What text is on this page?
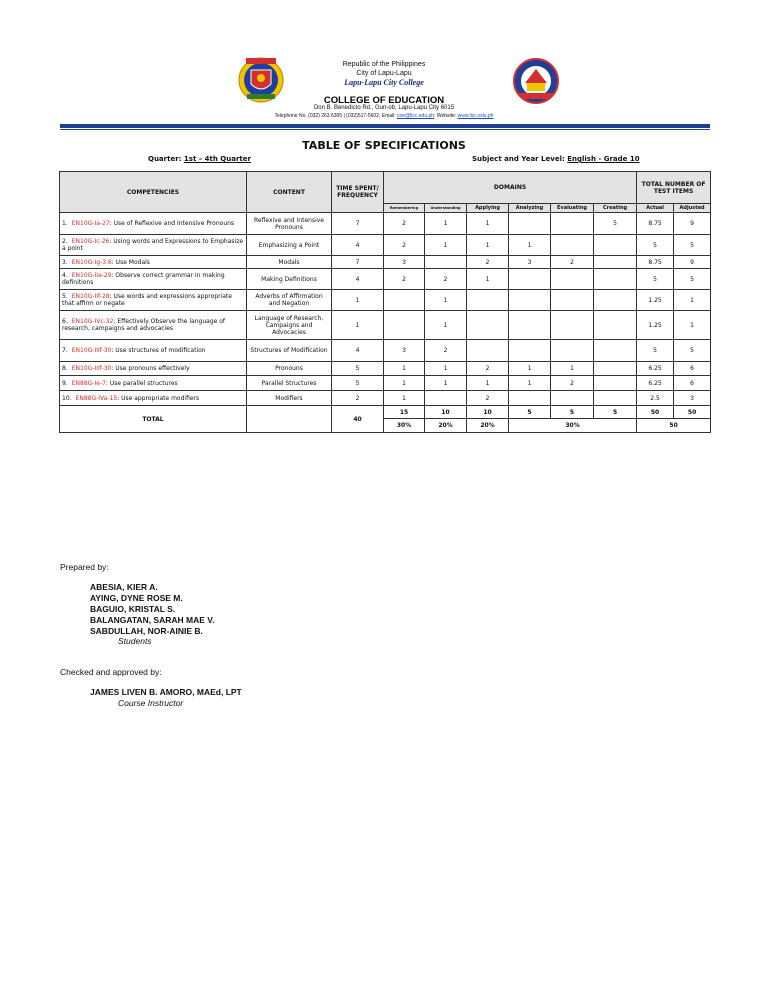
Republic of the Philippines
City of Lapu-Lapu
Lapu-Lapu City College
COLLEGE OF EDUCATION
Don B. Benedicto Rd., Gun-ob, Lapu-Lapu City 6015
Telephone No. (032) 263 6305 | (032)517-5602; Email: coe@llcc.edu.ph; Website: www.llcc.edu.ph
TABLE OF SPECIFICATIONS
Quarter: 1st – 4th Quarter	Subject and Year Level: English - Grade 10
COMPETENCIES	CONTENT	TIME SPENT/ FREQUENCY	DOMAINS						TOTAL NUMBER OF TEST ITEMS	
			Remembering	Understanding	Applying	Analyzing	Evaluating	Creating	Actual	Adjusted
1. EN10G-Ia-27: Use of Reflexive and Intensive Pronouns	Reflexive and Intensive Pronouns	7	2	1	1			5	8.75	9
2. EN10G-Ic-26: Using words and Expressions to Emphasize a point	Emphasizing a Point	4	2	1	1	1			5	5
3. EN10G-Ig-3.6: Use Modals	Modals	7	3		2	3	2		8.75	9
4. EN10G-IIa-29: Observe correct grammar in making definitions	Making Definitions	4	2	2	1				5	5
5. EN10G-IIf-28: Use words and expressions appropriate that affirm or negate	Adverbs of Affirmation and Negation	1		1					1.25	1
6. EN10G-IVc-32: Effectively Observe the language of research, campaigns and advocacies	Language of Research, Campaigns and Advocacies	1		1					1.25	1
7. EN10G-IIIf-30: Use structures of modification	Structures of Modification	4	3	2					5	5
8. EN10G-IIIf-30: Use pronouns effectively	Pronouns	5	1	1	2	1	1		6.25	6
9. EN88G-Ie-7: Use parallel structures	Parallel Structures	5	1	1	1	1	2		6.25	6
10. EN88G-IVa-15: Use appropriate modifiers	Modifiers	2	1		2				2.5	3
TOTAL		40	15	10	10	5	5	5	50	50
			30%	20%	20%	30%			50	
Prepared by:
ABESIA, KIER A.
AYING, DYNE ROSE M.
BAGUIO, KRISTAL S.
BALANGATAN, SARAH MAE V.
SABDULLAH, NOR-AINIE B.
Students
Checked and approved by:
JAMES LIVEN B. AMORO, MAEd, LPT
Course Instructor
